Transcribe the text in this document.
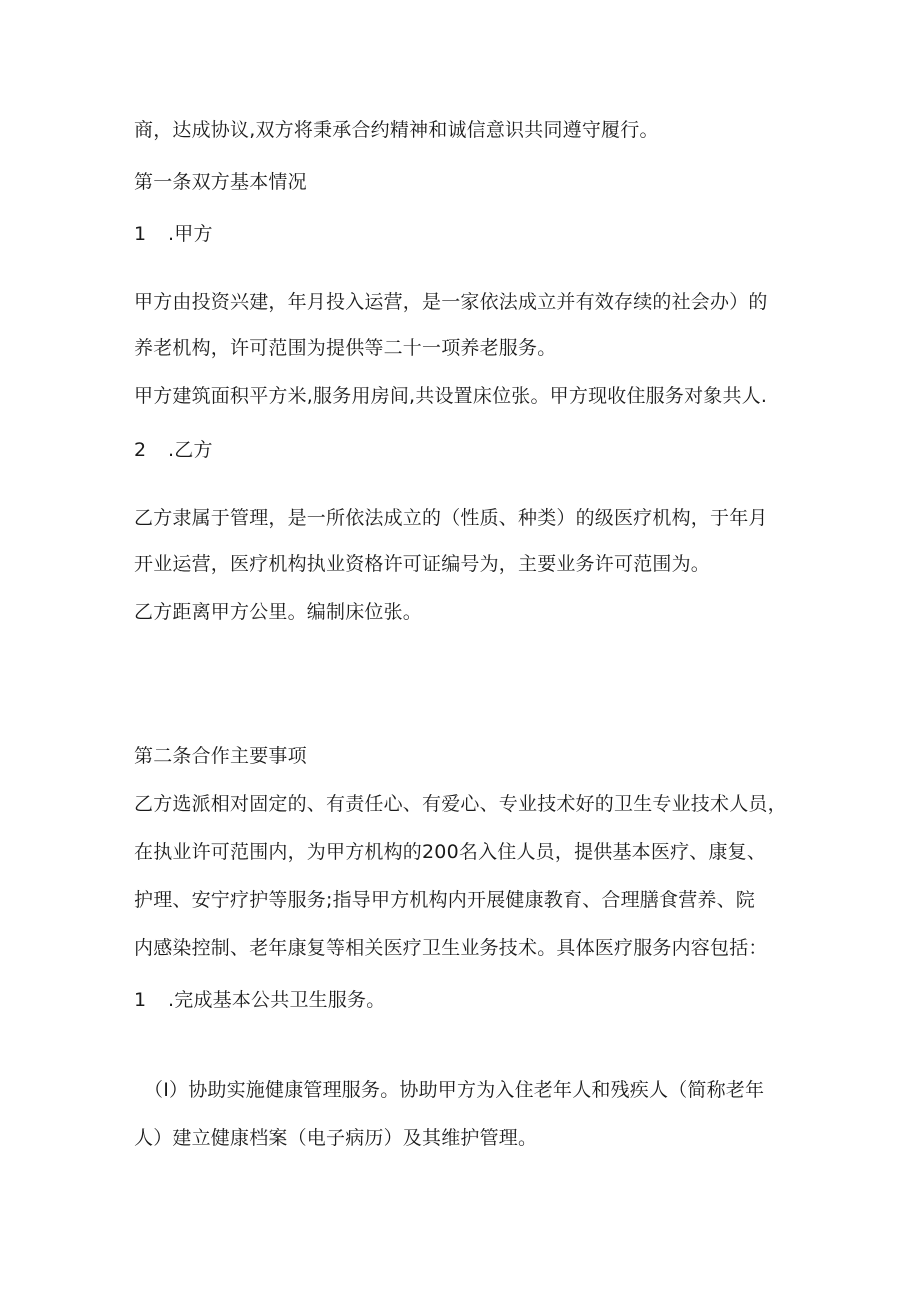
商，达成协议,双方将秉承合约精神和诚信意识共同遵守履行。
第一条双方基本情况
1 .甲方
甲方由投资兴建，年月投入运营，是一家依法成立并有效存续的社会办）的
养老机构，许可范围为提供等二十一项养老服务。
甲方建筑面积平方米,服务用房间,共设置床位张。甲方现收住服务对象共人.
2 .乙方
乙方隶属于管理，是一所依法成立的（性质、种类）的级医疗机构，于年月
开业运营，医疗机构执业资格许可证编号为，主要业务许可范围为。
乙方距离甲方公里。编制床位张。
第二条合作主要事项
乙方选派相对固定的、有责任心、有爱心、专业技术好的卫生专业技术人员，
在执业许可范围内，为甲方机构的200名入住人员，提供基本医疗、康复、
护理、安宁疗护等服务;指导甲方机构内开展健康教育、合理膳食营养、院
内感染控制、老年康复等相关医疗卫生业务技术。具体医疗服务内容包括：
1 .完成基本公共卫生服务。
（I）协助实施健康管理服务。协助甲方为入住老年人和残疾人（简称老年
人）建立健康档案（电子病历）及其维护管理。
